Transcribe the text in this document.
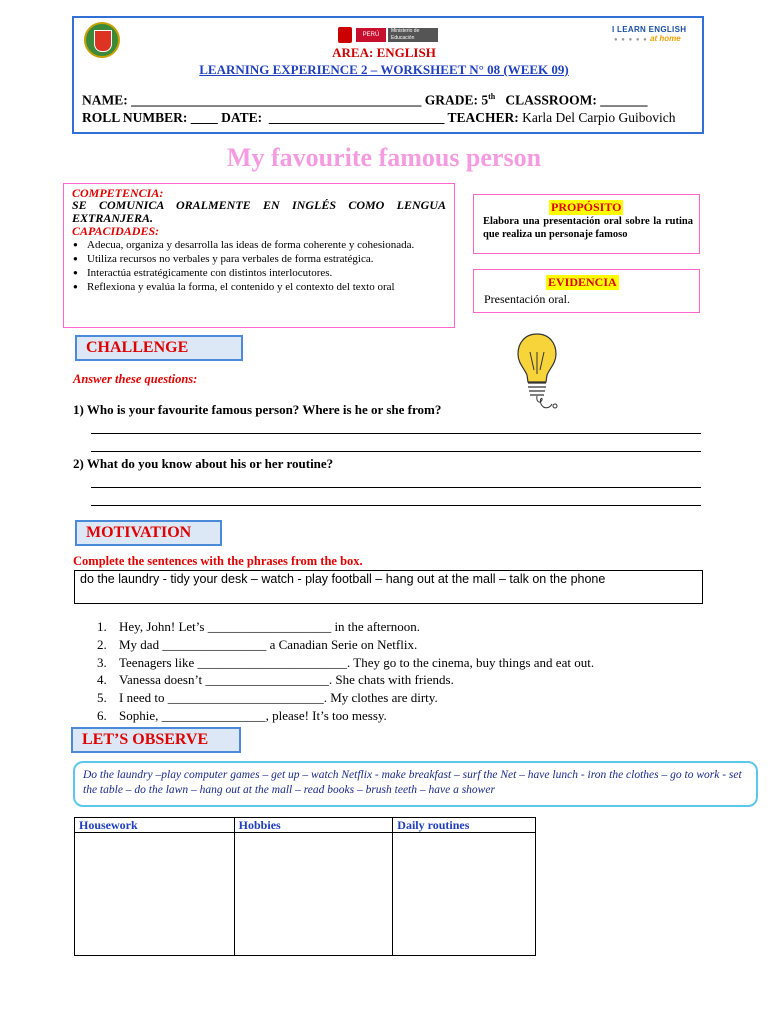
PERÚ
Ministerio de Educación
I LEARN ENGLISH
● ● ● ● ● at home
AREA: ENGLISH
LEARNING EXPERIENCE 2 – WORKSHEET N° 08 (WEEK 09)
NAME: ___________________________________________ GRADE: 5th   CLASSROOM: _______
ROLL NUMBER: ____ DATE:  __________________________ TEACHER: Karla Del Carpio Guibovich
My favourite famous person
COMPETENCIA:
SE COMUNICA ORALMENTE EN INGLÉS COMO LENGUA EXTRANJERA.
CAPACIDADES:
● Adecua, organiza y desarrolla las ideas de forma coherente y cohesionada.
● Utiliza recursos no verbales y para verbales de forma estratégica.
● Interactúa estratégicamente con distintos interlocutores.
● Reflexiona y evalúa la forma, el contenido y el contexto del texto oral
PROPÓSITO
Elabora una presentación oral sobre la rutina que realiza un personaje famoso
EVIDENCIA
Presentación oral.
CHALLENGE
Answer these questions:
1) Who is your favourite famous person? Where is he or she from?
2) What do you know about his or her routine?
MOTIVATION
Complete the sentences with the phrases from the box.
do the laundry - tidy your desk – watch - play football – hang out at the mall – talk on the phone
1. Hey, John! Let’s ___________________ in the afternoon.
2. My dad ________________ a Canadian Serie on Netflix.
3. Teenagers like _______________________. They go to the cinema, buy things and eat out.
4. Vanessa doesn’t ___________________. She chats with friends.
5. I need to ________________________. My clothes are dirty.
6. Sophie, ________________, please! It’s too messy.
LET’S OBSERVE
Do the laundry –play computer games – get up – watch Netflix - make breakfast – surf the Net – have lunch - iron the clothes – go to work - set the table – do the lawn – hang out at the mall – read books – brush teeth – have a shower
Housework	Hobbies	Daily routines
